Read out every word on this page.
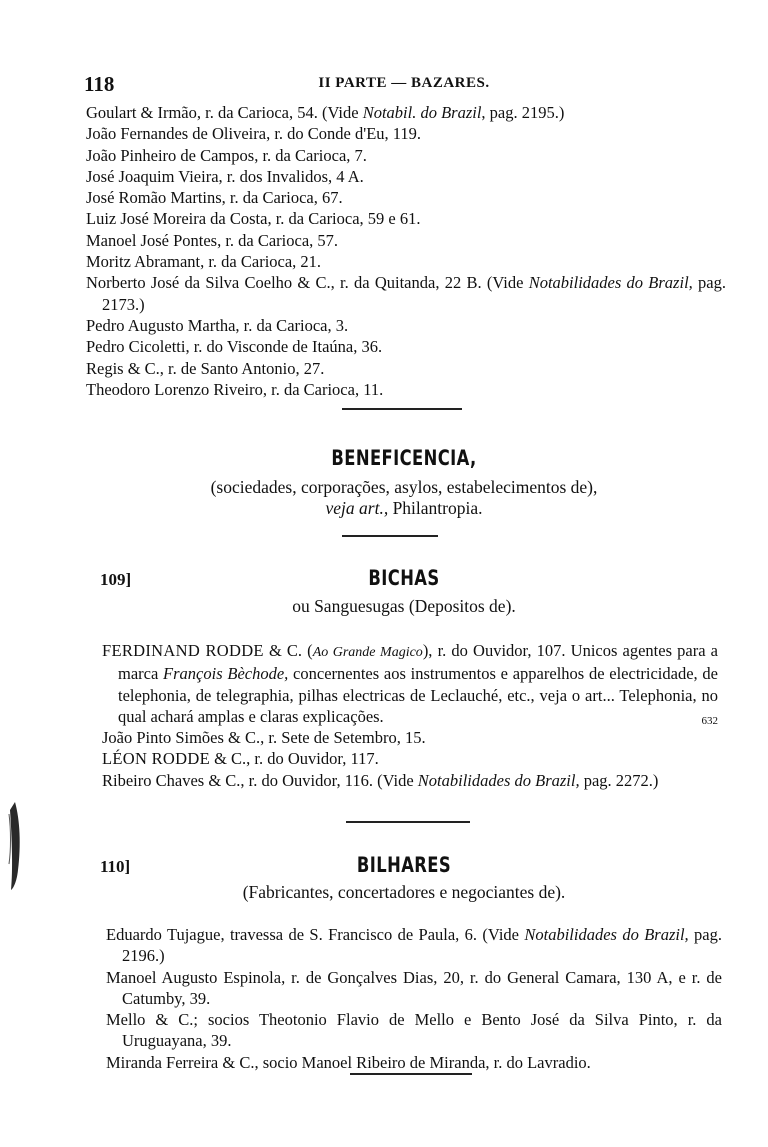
118	II PARTE — BAZARES.
Goulart & Irmão, r. da Carioca, 54. (Vide Notabil. do Brazil, pag. 2195.)
João Fernandes de Oliveira, r. do Conde d'Eu, 119.
João Pinheiro de Campos, r. da Carioca, 7.
José Joaquim Vieira, r. dos Invalidos, 4 A.
José Romão Martins, r. da Carioca, 67.
Luiz José Moreira da Costa, r. da Carioca, 59 e 61.
Manoel José Pontes, r. da Carioca, 57.
Moritz Abramant, r. da Carioca, 21.
Norberto José da Silva Coelho & C., r. da Quitanda, 22 B. (Vide Notabilidades do Brazil, pag. 2173.)
Pedro Augusto Martha, r. da Carioca, 3.
Pedro Cicoletti, r. do Visconde de Itaúna, 36.
Regis & C., r. de Santo Antonio, 27.
Theodoro Lorenzo Riveiro, r. da Carioca, 11.
BENEFICENCIA,
(sociedades, corporações, asylos, estabelecimentos de),
veja art., Philantropia.
109]	BICHAS
ou Sanguesugas (Depositos de).
FERDINAND RODDE & C. (Ao Grande Magico), r. do Ouvidor, 107. Unicos agentes para a marca François Bèchode, concernentes aos instrumentos e apparelhos de electricidade, de telephonia, de telegraphia, pilhas electricas de Leclauché, etc., veja o art... Telephonia, no qual achará amplas e claras explicações.	632
João Pinto Simões & C., r. Sete de Setembro, 15.
LÉON RODDE & C., r. do Ouvidor, 117.
Ribeiro Chaves & C., r. do Ouvidor, 116. (Vide Notabilidades do Brazil, pag. 2272.)
110]	BILHARES
(Fabricantes, concertadores e negociantes de).
Eduardo Tujague, travessa de S. Francisco de Paula, 6. (Vide Notabilidades do Brazil, pag. 2196.)
Manoel Augusto Espinola, r. de Gonçalves Dias, 20, r. do General Camara, 130 A, e r. de Catumby, 39.
Mello & C.; socios Theotonio Flavio de Mello e Bento José da Silva Pinto, r. da Uruguayana, 39.
Miranda Ferreira & C., socio Manoel Ribeiro de Miranda, r. do Lavradio.
